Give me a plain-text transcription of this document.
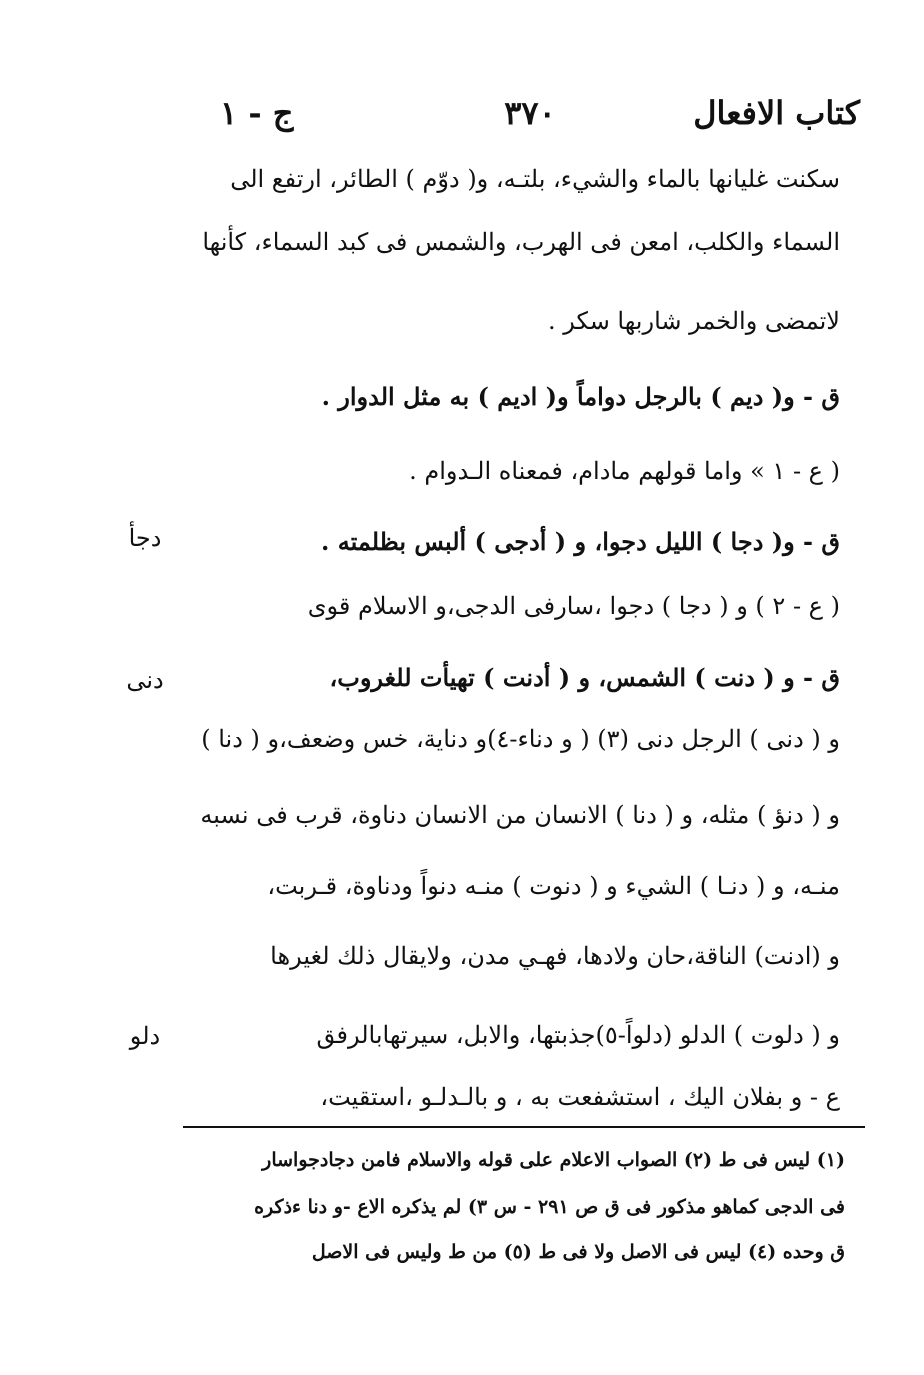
كتاب الافعال
٣٧٠
ج - ١
سكنت غليانها بالماء والشيء، بلتـه، و( دوّم ) الطائر، ارتفع الى
السماء والكلب، امعن فى الهرب، والشمس فى كبد السماء، كأنها
لاتمضى والخمر شاربها سكر .
ق - و( ديم ) بالرجل دواماً و( اديم ) به مثل الدوار .
( ع - ١ » واما قولهم مادام، فمعناه الـدوام .
ق - و( دجا ) الليل دجوا، و ( أدجى ) ألبس بظلمته .
( ع - ٢ ) و ( دجا ) دجوا ،سارفى الدجى،و الاسلام قوى
ق - و ( دنت ) الشمس، و ( أدنت ) تهيأت للغروب،
و ( دنى ) الرجل دنى (٣) ( و دناء-٤)و دناية، خس وضعف،و ( دنا )
و ( دنؤ ) مثله، و ( دنا ) الانسان من الانسان دناوة، قرب فى نسبه
منـه، و ( دنـا ) الشيء و ( دنوت ) منـه دنواً ودناوة، قـربت،
و (ادنت) الناقة،حان ولادها، فهـي مدن، ولايقال ذلك لغيرها
و ( دلوت ) الدلو (دلواً-٥)جذبتها، والابل، سيرتهابالرفق
ع - و بفلان اليك ، استشفعت به ، و بالـدلـو ،استقيت،
دجأ
دنى
دلو
(١) ليس فى ط (٢) الصواب الاعلام على قوله والاسلام فامن دجادجواسار
فى الدجى كماهو مذكور فى ق ص ٢٩١ - س ٣) لم يذكره الاع -و دنا ءذكره
ق وحده (٤) ليس فى الاصل ولا فى ط (٥) من ط وليس فى الاصل
